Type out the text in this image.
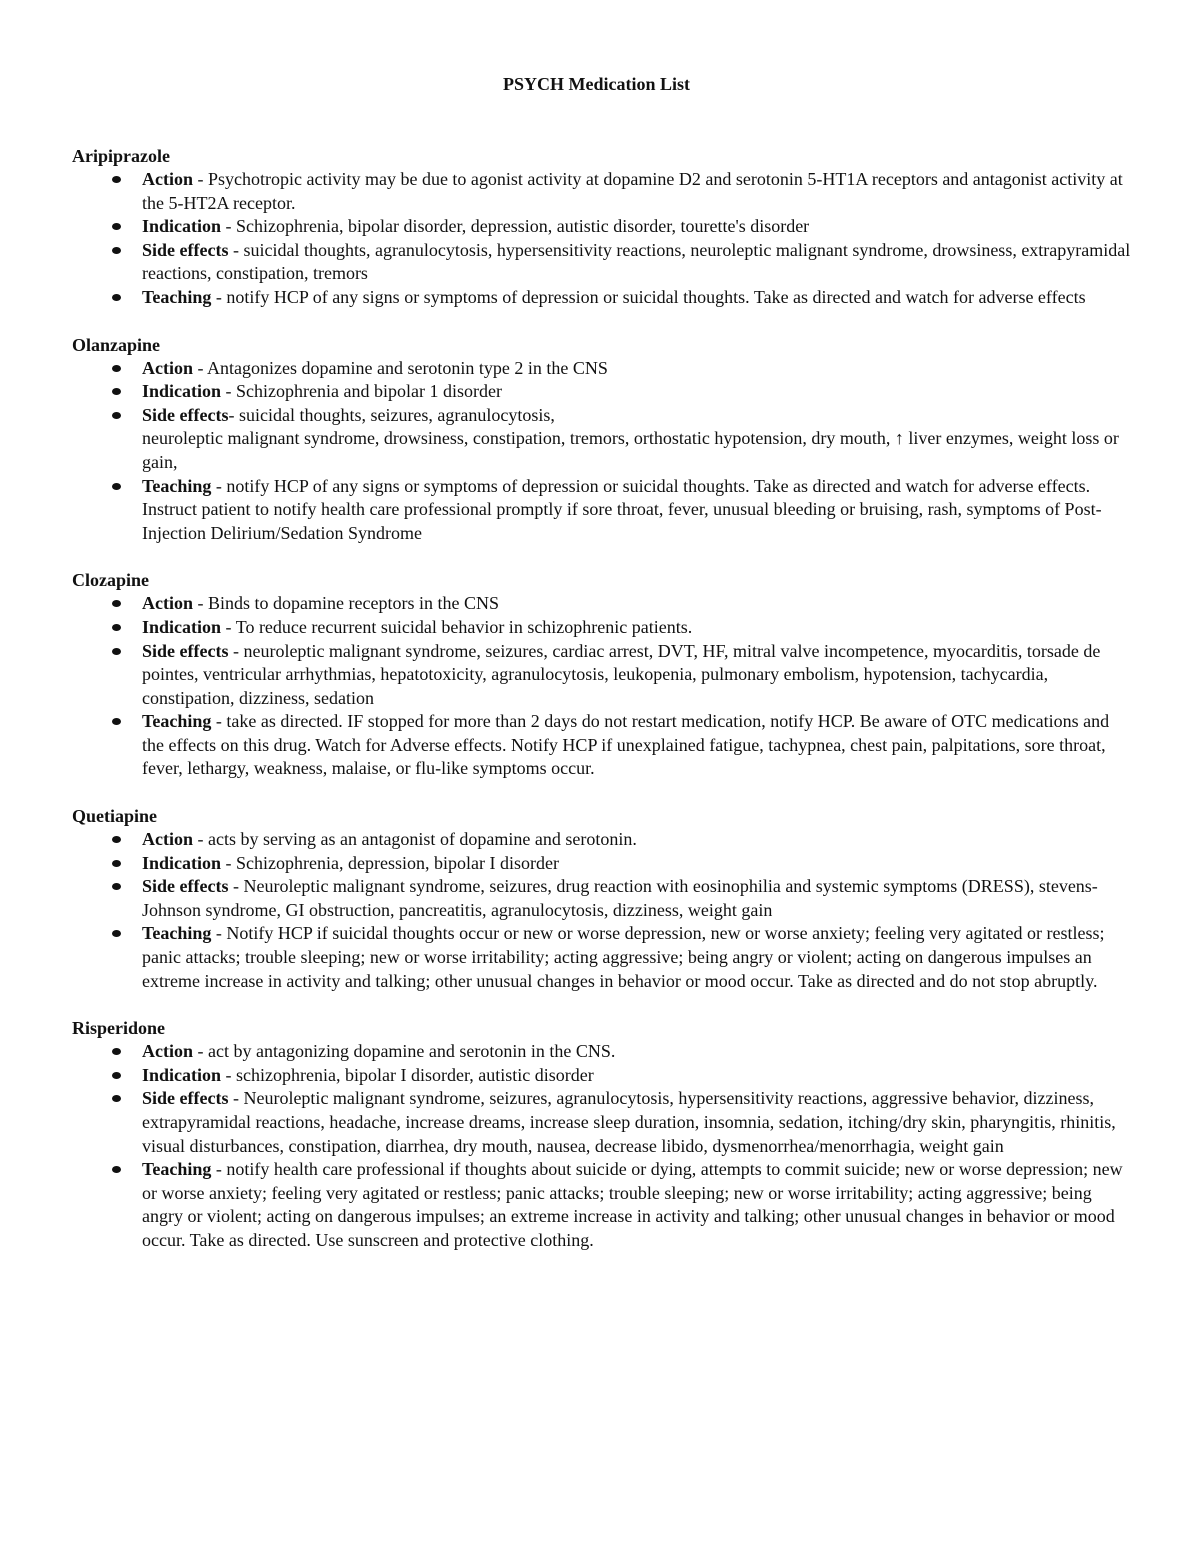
PSYCH Medication List
Aripiprazole
Action - Psychotropic activity may be due to agonist activity at dopamine D2 and serotonin 5-HT1A receptors and antagonist activity at the 5-HT2A receptor.
Indication - Schizophrenia, bipolar disorder, depression, autistic disorder, tourette's disorder
Side effects - suicidal thoughts, agranulocytosis, hypersensitivity reactions, neuroleptic malignant syndrome, drowsiness, extrapyramidal reactions, constipation, tremors
Teaching - notify HCP of any signs or symptoms of depression or suicidal thoughts. Take as directed and watch for adverse effects
Olanzapine
Action - Antagonizes dopamine and serotonin type 2 in the CNS
Indication - Schizophrenia and bipolar 1 disorder
Side effects- suicidal thoughts, seizures, agranulocytosis,
neuroleptic malignant syndrome, drowsiness, constipation, tremors, orthostatic hypotension, dry mouth, ↑ liver enzymes, weight loss or gain,
Teaching - notify HCP of any signs or symptoms of depression or suicidal thoughts. Take as directed and watch for adverse effects. Instruct patient to notify health care professional promptly if sore throat, fever, unusual bleeding or bruising, rash, symptoms of Post-Injection Delirium/Sedation Syndrome
Clozapine
Action - Binds to dopamine receptors in the CNS
Indication - To reduce recurrent suicidal behavior in schizophrenic patients.
Side effects - neuroleptic malignant syndrome, seizures, cardiac arrest, DVT, HF, mitral valve incompetence, myocarditis, torsade de pointes, ventricular arrhythmias, hepatotoxicity, agranulocytosis, leukopenia, pulmonary embolism, hypotension, tachycardia, constipation, dizziness, sedation
Teaching - take as directed. IF stopped for more than 2 days do not restart medication, notify HCP. Be aware of OTC medications and the effects on this drug. Watch for Adverse effects. Notify HCP if unexplained fatigue, tachypnea, chest pain, palpitations, sore throat, fever, lethargy, weakness, malaise, or flu-like symptoms occur.
Quetiapine
Action - acts by serving as an antagonist of dopamine and serotonin.
Indication - Schizophrenia, depression, bipolar I disorder
Side effects - Neuroleptic malignant syndrome, seizures, drug reaction with eosinophilia and systemic symptoms (DRESS), stevens-Johnson syndrome, GI obstruction, pancreatitis, agranulocytosis, dizziness, weight gain
Teaching - Notify HCP if suicidal thoughts occur or new or worse depression, new or worse anxiety; feeling very agitated or restless; panic attacks; trouble sleeping; new or worse irritability; acting aggressive; being angry or violent; acting on dangerous impulses an extreme increase in activity and talking; other unusual changes in behavior or mood occur. Take as directed and do not stop abruptly.
Risperidone
Action - act by antagonizing dopamine and serotonin in the CNS.
Indication - schizophrenia, bipolar I disorder, autistic disorder
Side effects - Neuroleptic malignant syndrome, seizures, agranulocytosis, hypersensitivity reactions, aggressive behavior, dizziness, extrapyramidal reactions, headache, increase dreams, increase sleep duration, insomnia, sedation, itching/dry skin, pharyngitis, rhinitis, visual disturbances, constipation, diarrhea, dry mouth, nausea, decrease libido, dysmenorrhea/menorrhagia, weight gain
Teaching - notify health care professional if thoughts about suicide or dying, attempts to commit suicide; new or worse depression; new or worse anxiety; feeling very agitated or restless; panic attacks; trouble sleeping; new or worse irritability; acting aggressive; being angry or violent; acting on dangerous impulses; an extreme increase in activity and talking; other unusual changes in behavior or mood occur. Take as directed. Use sunscreen and protective clothing.
